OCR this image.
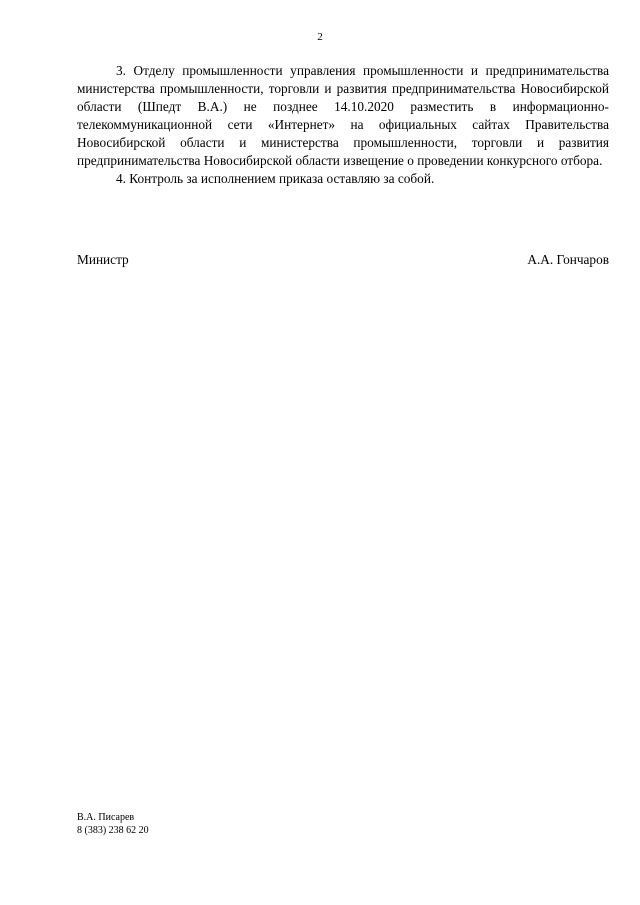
2

3. Отделу промышленности управления промышленности и предпринимательства министерства промышленности, торговли и развития предпринимательства Новосибирской области (Шпедт В.А.) не позднее 14.10.2020 разместить в информационно-телекоммуникационной сети «Интернет» на официальных сайтах Правительства Новосибирской области и министерства промышленности, торговли и развития предпринимательства Новосибирской области извещение о проведении конкурсного отбора.

4. Контроль за исполнением приказа оставляю за собой.

Министр	А.А. Гончаров
В.А. Писарев
8 (383) 238 62 20
